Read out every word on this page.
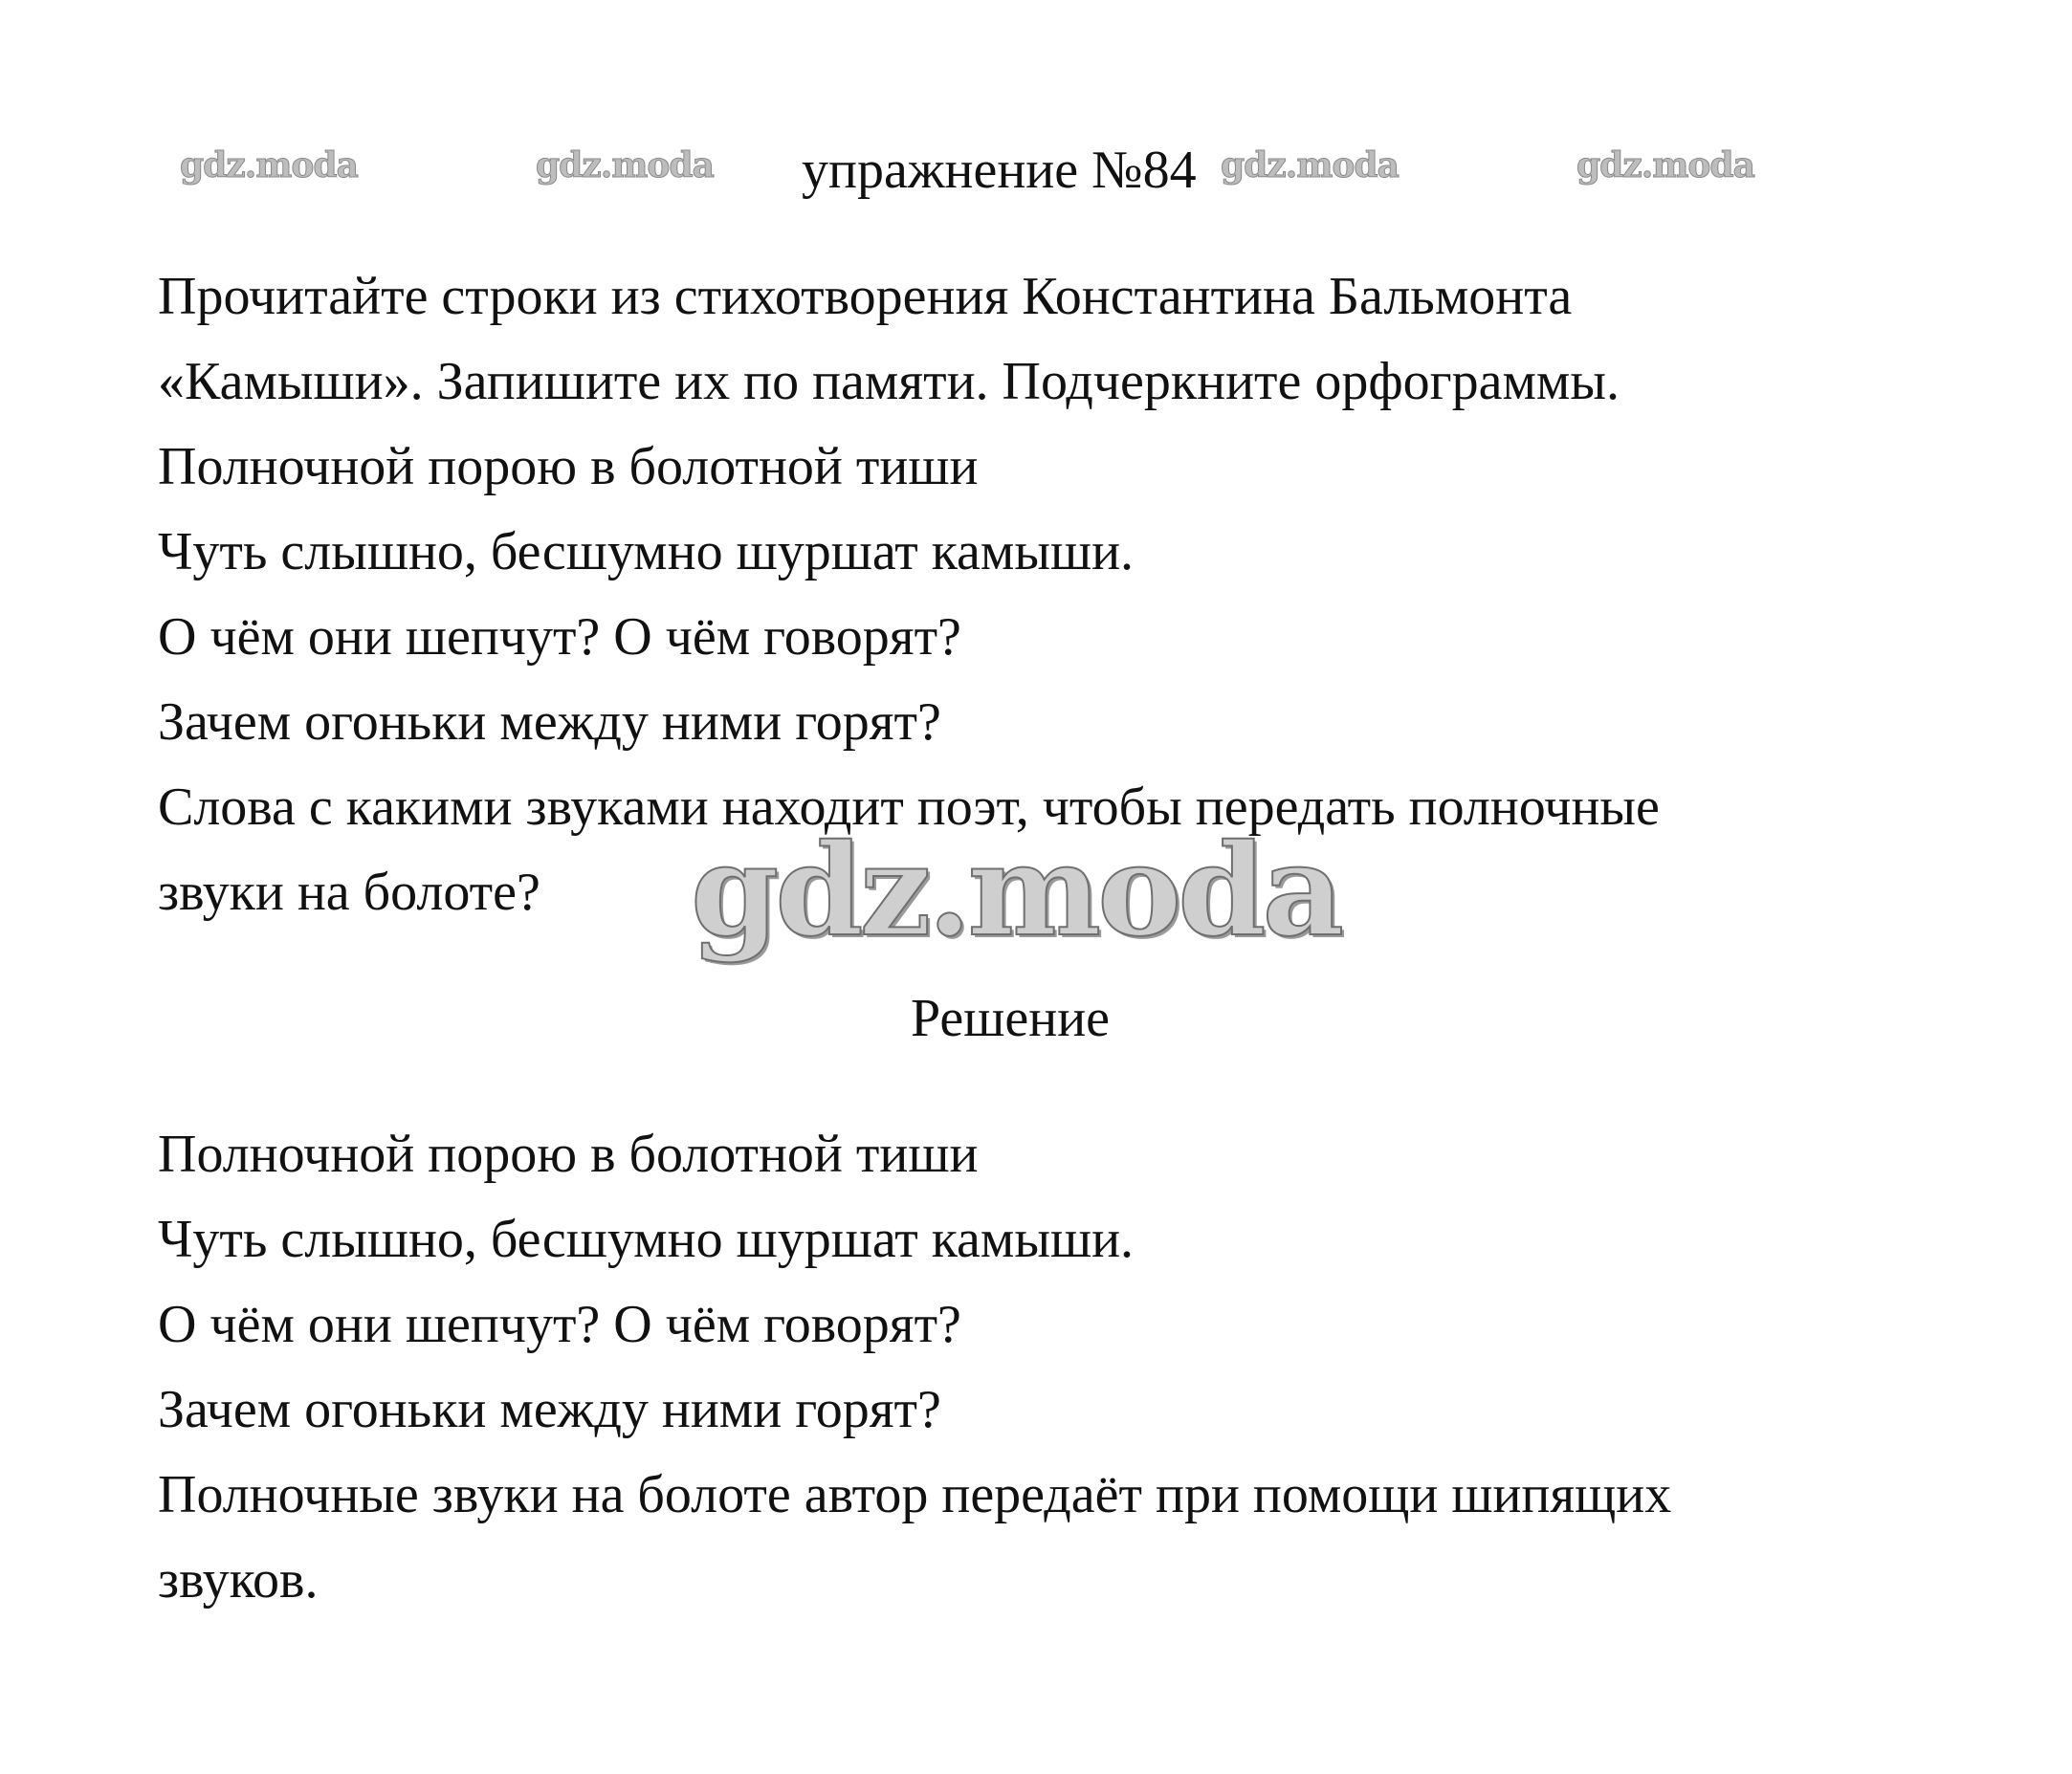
gdz.moda	gdz.moda	gdz.moda	gdz.moda
упражнение №84
Прочитайте строки из стихотворения Константина Бальмонта
«Камыши». Запишите их по памяти. Подчеркните орфограммы.
Полночной порою в болотной тиши
Чуть слышно, бесшумно шуршат камыши.
О чём они шепчут? О чём говорят?
Зачем огоньки между ними горят?
Слова с какими звуками находит поэт, чтобы передать полночные
звуки на болоте? gdz.moda
Решение
Полночной порою в болотной тиши
Чуть слышно, бесшумно шуршат камыши.
О чём они шепчут? О чём говорят?
Зачем огоньки между ними горят?
Полночные звуки на болоте автор передаёт при помощи шипящих
звуков.
